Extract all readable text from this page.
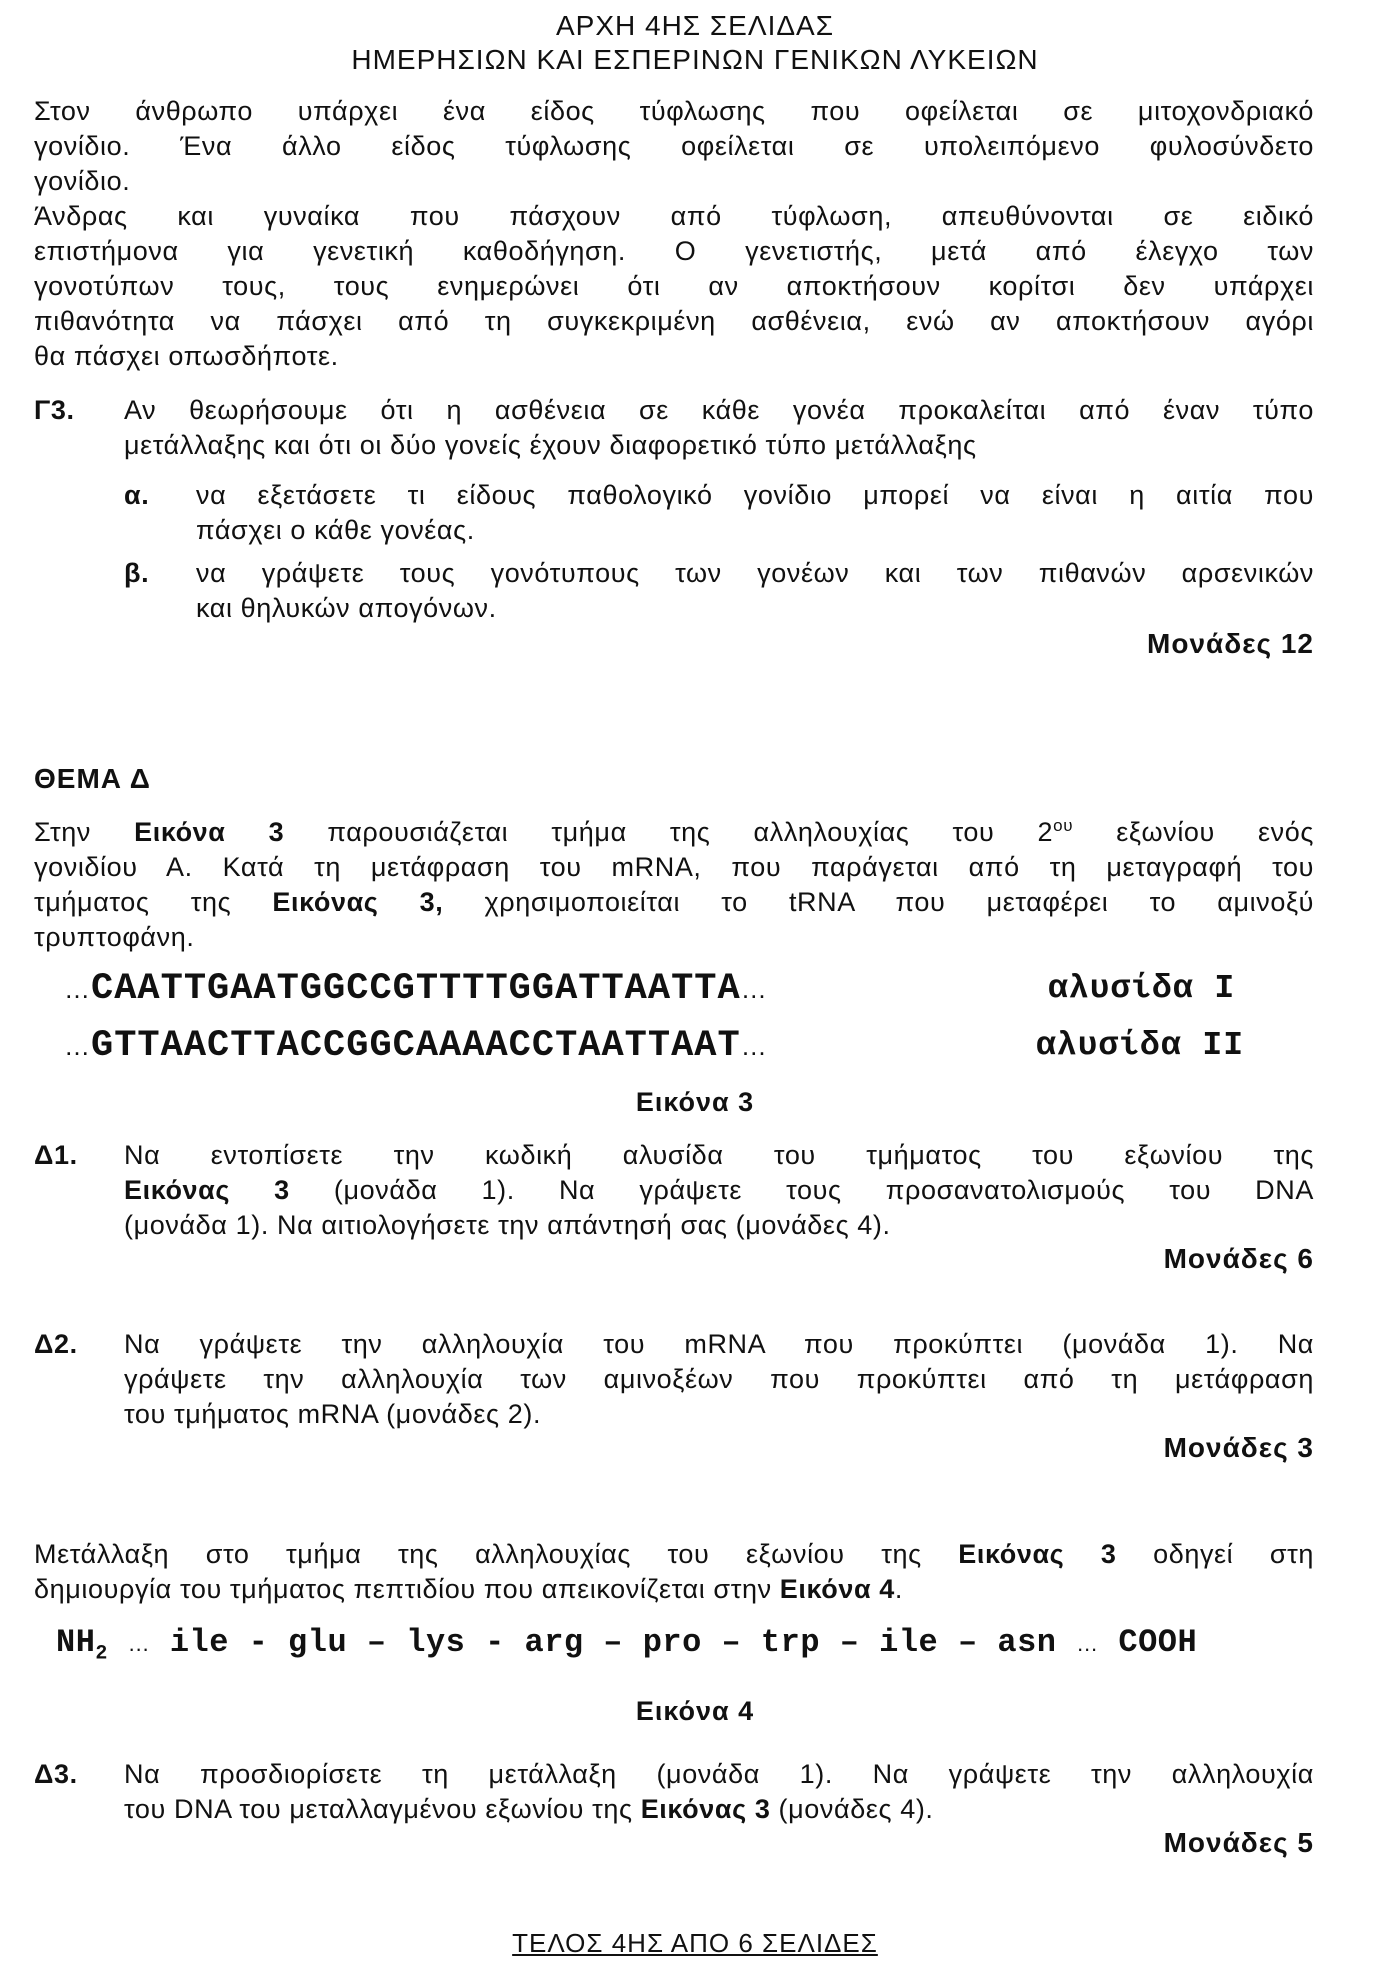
ΑΡΧΗ 4ΗΣ ΣΕΛΙΔΑΣ
ΗΜΕΡΗΣΙΩΝ ΚΑΙ ΕΣΠΕΡΙΝΩΝ ΓΕΝΙΚΩΝ ΛΥΚΕΙΩΝ
Στον άνθρωπο υπάρχει ένα είδος τύφλωσης που οφείλεται σε μιτοχονδριακό
γονίδιο. Ένα άλλο είδος τύφλωσης οφείλεται σε υπολειπόμενο φυλοσύνδετο
γονίδιο.
Άνδρας και γυναίκα που πάσχουν από τύφλωση, απευθύνονται σε ειδικό
επιστήμονα για γενετική καθοδήγηση. Ο γενετιστής, μετά από έλεγχο των
γονοτύπων τους, τους ενημερώνει ότι αν αποκτήσουν κορίτσι δεν υπάρχει
πιθανότητα να πάσχει από τη συγκεκριμένη ασθένεια, ενώ αν αποκτήσουν αγόρι
θα πάσχει οπωσδήποτε.
Γ3. Αν θεωρήσουμε ότι η ασθένεια σε κάθε γονέα προκαλείται από έναν τύπο
μετάλλαξης και ότι οι δύο γονείς έχουν διαφορετικό τύπο μετάλλαξης
α. να εξετάσετε τι είδους παθολογικό γονίδιο μπορεί να είναι η αιτία που
πάσχει ο κάθε γονέας.
β. να γράψετε τους γονότυπους των γονέων και των πιθανών αρσενικών
και θηλυκών απογόνων.
Μονάδες 12
ΘΕΜΑ Δ
Στην Εικόνα 3 παρουσιάζεται τμήμα της αλληλουχίας του $2^{o\upsilon}$ εξωνίου ενός
γονιδίου Α. Κατά τη μετάφραση του mRNA, που παράγεται από τη μεταγραφή του
τμήματος της Εικόνας 3, χρησιμοποιείται το tRNA που μεταφέρει το αμινοξύ
τρυπτοφάνη.
…CAATTGAATGGCCGTTTTGGATTAATTA…	αλυσίδα I
…GTTAACTTACCGGCAAAACCTAATTAAT…	αλυσίδα II
Εικόνα 3
Δ1. Να εντοπίσετε την κωδική αλυσίδα του τμήματος του εξωνίου της
Εικόνας 3 (μονάδα 1). Να γράψετε τους προσανατολισμούς του DNA
(μονάδα 1). Να αιτιολογήσετε την απάντησή σας (μονάδες 4).
Μονάδες 6
Δ2. Να γράψετε την αλληλουχία του mRNA που προκύπτει (μονάδα 1). Να
γράψετε την αλληλουχία των αμινοξέων που προκύπτει από τη μετάφραση
του τμήματος mRNA (μονάδες 2).
Μονάδες 3
Μετάλλαξη στο τμήμα της αλληλουχίας του εξωνίου της Εικόνας 3 οδηγεί στη
δημιουργία του τμήματος πεπτιδίου που απεικονίζεται στην Εικόνα 4.
$NH_2$ … ile - glu – lys - arg – pro – trp – ile – asn … COOH
Εικόνα 4
Δ3. Να προσδιορίσετε τη μετάλλαξη (μονάδα 1). Να γράψετε την αλληλουχία
του DNA του μεταλλαγμένου εξωνίου της Εικόνας 3 (μονάδες 4).
Μονάδες 5
ΤΕΛΟΣ 4ΗΣ ΑΠΟ 6 ΣΕΛΙΔΕΣ
